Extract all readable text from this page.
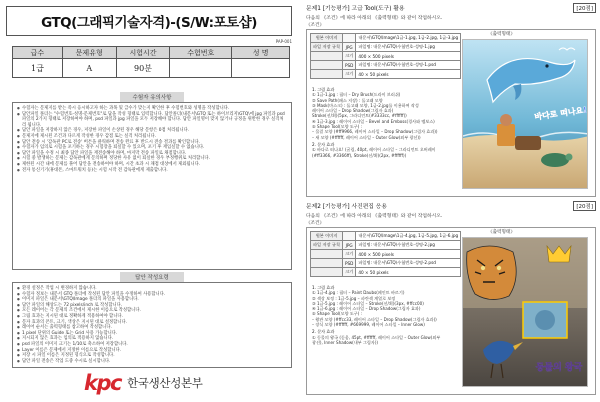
GTQ(그래픽기술자격)-(S/W:포토샵)
PAP-001
급수	문제유형	시험시간	수험번호	성 명
1급	A	90분		
수험자 유의사항
● 수험자는 문제지를 받는 즉시 응시하고자 하는 과목 및 급수가 맞는지 확인한 후 수험번호와 성명을 작성합니다.
● 답안파일 폴더는 "수험번호-성명-문제번호"로 답을 작성 형태로 입력합니다. 답안폴더(내문서\GTQ 또는 하이브리지\GTQ\에 jpg 파일과 psd 파일의 2가지 형태로 저장하여야 하며, psd 파일과 jpg 파일을 모두 저장해야 합니다. 답안 파일명이 맞지 않거나 규정을 위반한 경우 실격처리 됩니다.
● 답안 파일을 저장하지 않은 경우, 저장한 파일이 손상된 경우 해당 문항은 0점 처리됩니다.
● 문제지에 제시된 조건과 다르게 작성한 경우 감점 또는 실격 처리됩니다.
● 답안 전송 시 '감독관 PC로 전송' 버튼을 클릭하며 전송 완료 후 반드시 전송 결과를 확인합니다.
● 수험자가 임의로 시험을 포기하는 경우 시험장을 퇴실할 수 있으며, 포기 후 재입실할 수 없습니다.
● 답안 파일을 수정 시 최종 답안 파일을 재전송해야 하며, 마지막 전송 파일로 채점합니다.
● 시험 중 발생하는 문제는 감독관에게 문의하며 정당한 사유 없이 퇴실한 경우 부정행위로 처리합니다.
● 제한된 시간 내에 문제를 풀어 답안을 전송하여야 하며, 시간 초과 시 채점 대상에서 제외됩니다.
● 전자 통신기기(휴대폰, 스마트워치 등)는 시험 시작 전 감독관에게 제출합니다.
답안 작성요령
● 환경 설정은 작업 시 변경하지 않습니다.
● 수험자 정보는 내문서 GTQ 폴더에 작성된 답안 파일을 수정하여 사용합니다.
● 이미지 파일은 내문서\GTQ\Image 폴더의 파일을 사용합니다.
● 답안 파일의 해상도는 72 pixels/inch 로 작성합니다.
● 모든 레이어는 각 문제의 조건에서 제시한 이름으로 작성합니다.
● 그림 효과는 지시된 대로 정확하게 적용하여야 합니다.
● 문자 효과의 폰트, 크기, 색상은 지시된 대로 설정합니다.
● 레이어 순서는 출력형태를 참고하여 작성합니다.
● 1 pixel 단위의 Guide 또는 Grid 사용 가능합니다.
● 지시되지 않은 효과는 임의로 적용하지 않습니다.
● psd 파일의 이미지 크기는 1/10로 축소하여 저장합니다.
● Layer 이름은 문제에서 지정한 이름으로 작성합니다.
● 저장 시 파일 이름은 지정된 형식으로 작성합니다.
● 답안 파일 전송은 작업 도중 수시로 실시합니다.
kpc 한국생산성본부
문제1 [기능평가] 고급 Tool(도구) 활용	[20점]
다음의 《조건》에 따라 아래의 《출력형태》와 같이 작업하시오.
《조건》
원본 이미지		내문서\GTQ\Image\1급-1.jpg, 1급-2.jpg, 1급-3.jpg
파일 저장 규칙	JPG	파일명: 내문서\GTQ\수험번호-성명-1.jpg
	크기	400 × 500 pixels
	PSD	파일명: 내문서\GTQ\수험번호-성명-1.psd
	크기	40 × 50 pixels

1. 그림 효과

① 1급-1.jpg : 필터 – Dry Brush(드라이 브러쉬)

② Save Path(패스 저장) : 돌고래 모양

③ Mask(마스크) : 돌고래 모양, 1급-2.jpg를 이용하여 작성

레이어 스타일 – Drop Shadow(그림자 효과)

Stroke(선/획)(5px, 그라디언트(#3333cc, #ffffff))

④ 1급-3.jpg : 레이어 스타일 – Bevel and Emboss(경사와 엠보스)

⑤ Shape Tool(모양 도구) :

– 물결 모양 (#ff9966, 레이어 스타일 – Drop Shadow(그림자 효과))

– 새 모양 (#ffffff, 레이어 스타일 – Outer Glow(외부 광선))

2. 문자 효과

① 바다로 떠나요! (굴림, 40pt, 레이어 스타일 – 그라디언트 오버레이

(#ff3366, #3366ff), Stroke(선/획)(2px, #ffffff))

《출력형태》
바다로 떠나요!
문제2 [기능평가] 사진편집 응용	[20점]
다음의 《조건》에 따라 아래의 《출력형태》와 같이 작업하시오.
《조건》
원본 이미지		내문서\GTQ\Image\1급-4.jpg, 1급-5.jpg, 1급-6.jpg
파일 저장 규칙	JPG	파일명: 내문서\GTQ\수험번호-성명-2.jpg
	크기	400 × 500 pixels
	PSD	파일명: 내문서\GTQ\수험번호-성명-2.psd
	크기	40 × 50 pixels

1. 그림 효과

① 1급-4.jpg : 필터 – Paint Daubs(페인트 바르기)

② 색상 보정 : 1급-5.jpg – 파란색 계열로 보정

③ 1급-5.jpg : 레이어 스타일 – Stroke(선/획)(3px, #ffcc00)

④ 1급-6.jpg : 레이어 스타일 – Drop Shadow(그림자 효과)

⑤ Shape Tool(모양 도구) :

– 왕관 모양 (#ffcc33, 레이어 스타일 – Drop Shadow(그림자 효과))

– 장식 모양 (#ffffff, #669999, 레이어 스타일 – Inner Glow)

2. 문자 효과

① 동물의 왕국 (돋움, 45pt, #ffffff, 레이어 스타일 – Outer Glow(외부

광선), Inner Shadow(내부 그림자))

《출력형태》
동물의 왕국
